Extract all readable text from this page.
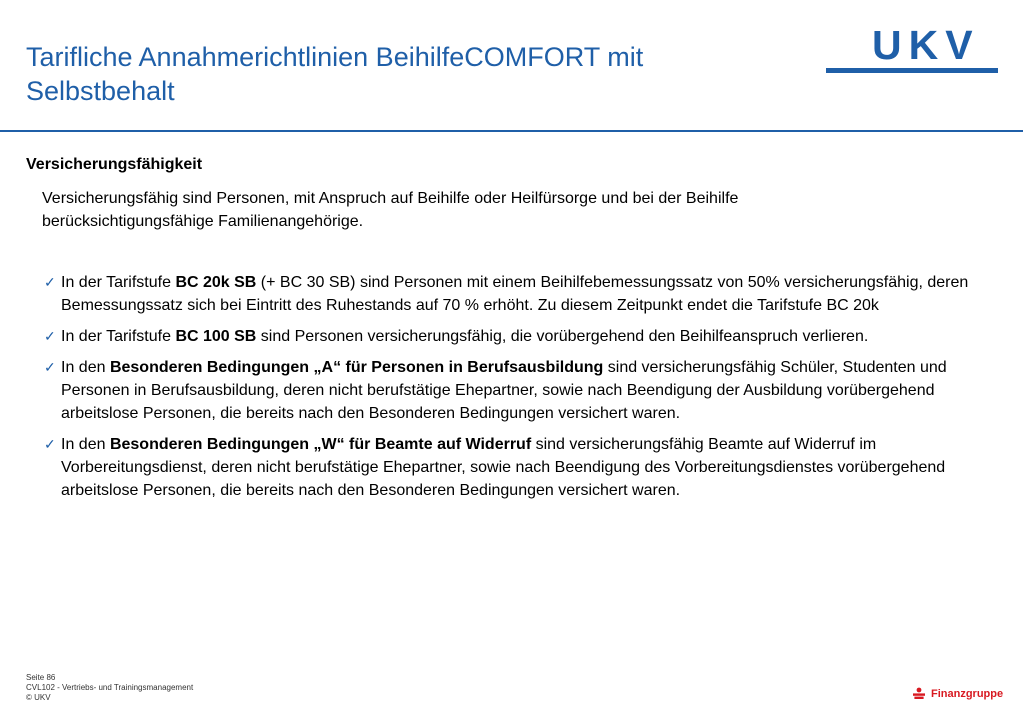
Tarifliche Annahmerichtlinien BeihilfeCOMFORT mit Selbstbehalt
UKV
Versicherungsfähigkeit

Versicherungsfähig sind Personen, mit Anspruch auf Beihilfe oder Heilfürsorge und bei der Beihilfe berücksichtigungsfähige Familienangehörige.

✓ In der Tarifstufe BC 20k SB (+ BC 30 SB) sind Personen mit einem Beihilfebemessungssatz von 50% versicherungsfähig, deren Bemessungssatz sich bei Eintritt des Ruhestands auf 70 % erhöht. Zu diesem Zeitpunkt endet die Tarifstufe BC 20k
✓ In der Tarifstufe BC 100 SB sind Personen versicherungsfähig, die vorübergehend den Beihilfeanspruch verlieren.
✓ In den Besonderen Bedingungen „A“ für Personen in Berufsausbildung sind versicherungsfähig Schüler, Studenten und Personen in Berufsausbildung, deren nicht berufstätige Ehepartner, sowie nach Beendigung der Ausbildung vorübergehend arbeitslose Personen, die bereits nach den Besonderen Bedingungen versichert waren.
✓ In den Besonderen Bedingungen „W“ für Beamte auf Widerruf sind versicherungsfähig Beamte auf Widerruf im Vorbereitungsdienst, deren nicht berufstätige Ehepartner, sowie nach Beendigung des Vorbereitungsdienstes vorübergehend arbeitslose Personen, die bereits nach den Besonderen Bedingungen versichert waren.
Seite 86
CVL102 - Vertriebs- und Trainingsmanagement
© UKV	Finanzgruppe
